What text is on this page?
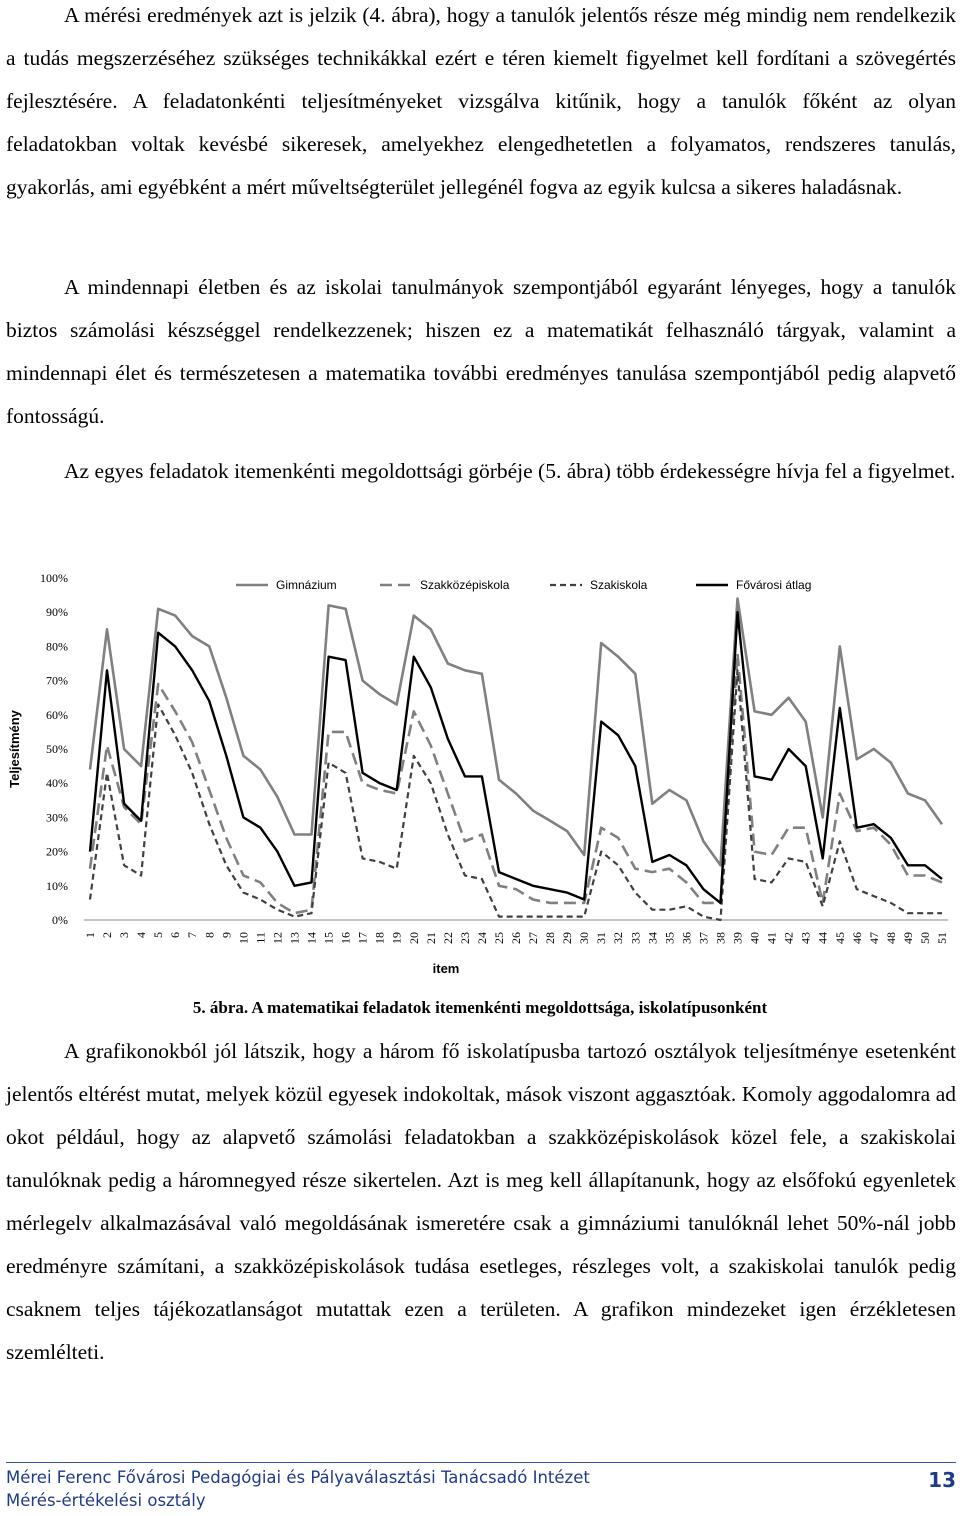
A mérési eredmények azt is jelzik (4. ábra), hogy a tanulók jelentős része még mindig nem rendelkezik a tudás megszerzéséhez szükséges technikákkal ezért e téren kiemelt figyelmet kell fordítani a szövegértés fejlesztésére. A feladatonkénti teljesítményeket vizsgálva kitűnik, hogy a tanulók főként az olyan feladatokban voltak kevésbé sikeresek, amelyekhez elengedhetetlen a folyamatos, rendszeres tanulás, gyakorlás, ami egyébként a mért műveltségterület jellegénél fogva az egyik kulcsa a sikeres haladásnak.

A mindennapi életben és az iskolai tanulmányok szempontjából egyaránt lényeges, hogy a tanulók biztos számolási készséggel rendelkezzenek; hiszen ez a matematikát felhasználó tárgyak, valamint a mindennapi élet és természetesen a matematika további eredményes tanulása szempontjából pedig alapvető fontosságú.

Az egyes feladatok itemenkénti megoldottsági görbéje (5. ábra) több érdekességre hívja fel a figyelmet.

0%
10%
20%
30%
40%
50%
60%
70%
80%
90%
100%
1 2 3 4 5 6 7 8 9 10 11 12 13 14 15 16 17 18 19 20 21 22 23 24 25 26 27 28 29 30 31 32 33 34 35 36 37 38 39 40 41 42 43 44 45 46 47 48 49 50 51
item
Teljesítmény
Gimnázium	Szakközépiskola	Szakiskola	Fővárosi átlag
5. ábra. A matematikai feladatok itemenkénti megoldottsága, iskolatípusonként

A grafikonokból jól látszik, hogy a három fő iskolatípusba tartozó osztályok teljesítménye esetenként jelentős eltérést mutat, melyek közül egyesek indokoltak, mások viszont aggasztóak. Komoly aggodalomra ad okot például, hogy az alapvető számolási feladatokban a szakközépiskolások közel fele, a szakiskolai tanulóknak pedig a háromnegyed része sikertelen. Azt is meg kell állapítanunk, hogy az elsőfokú egyenletek mérlegelv alkalmazásával való megoldásának ismeretére csak a gimnáziumi tanulóknál lehet 50%-nál jobb eredményre számítani, a szakközépiskolások tudása esetleges, részleges volt, a szakiskolai tanulók pedig csaknem teljes tájékozatlanságot mutattak ezen a területen. A grafikon mindezeket igen érzékletesen szemlélteti.

Mérei Ferenc Fővárosi Pedagógiai és Pályaválasztási Tanácsadó Intézet
Mérés-értékelési osztály
13
